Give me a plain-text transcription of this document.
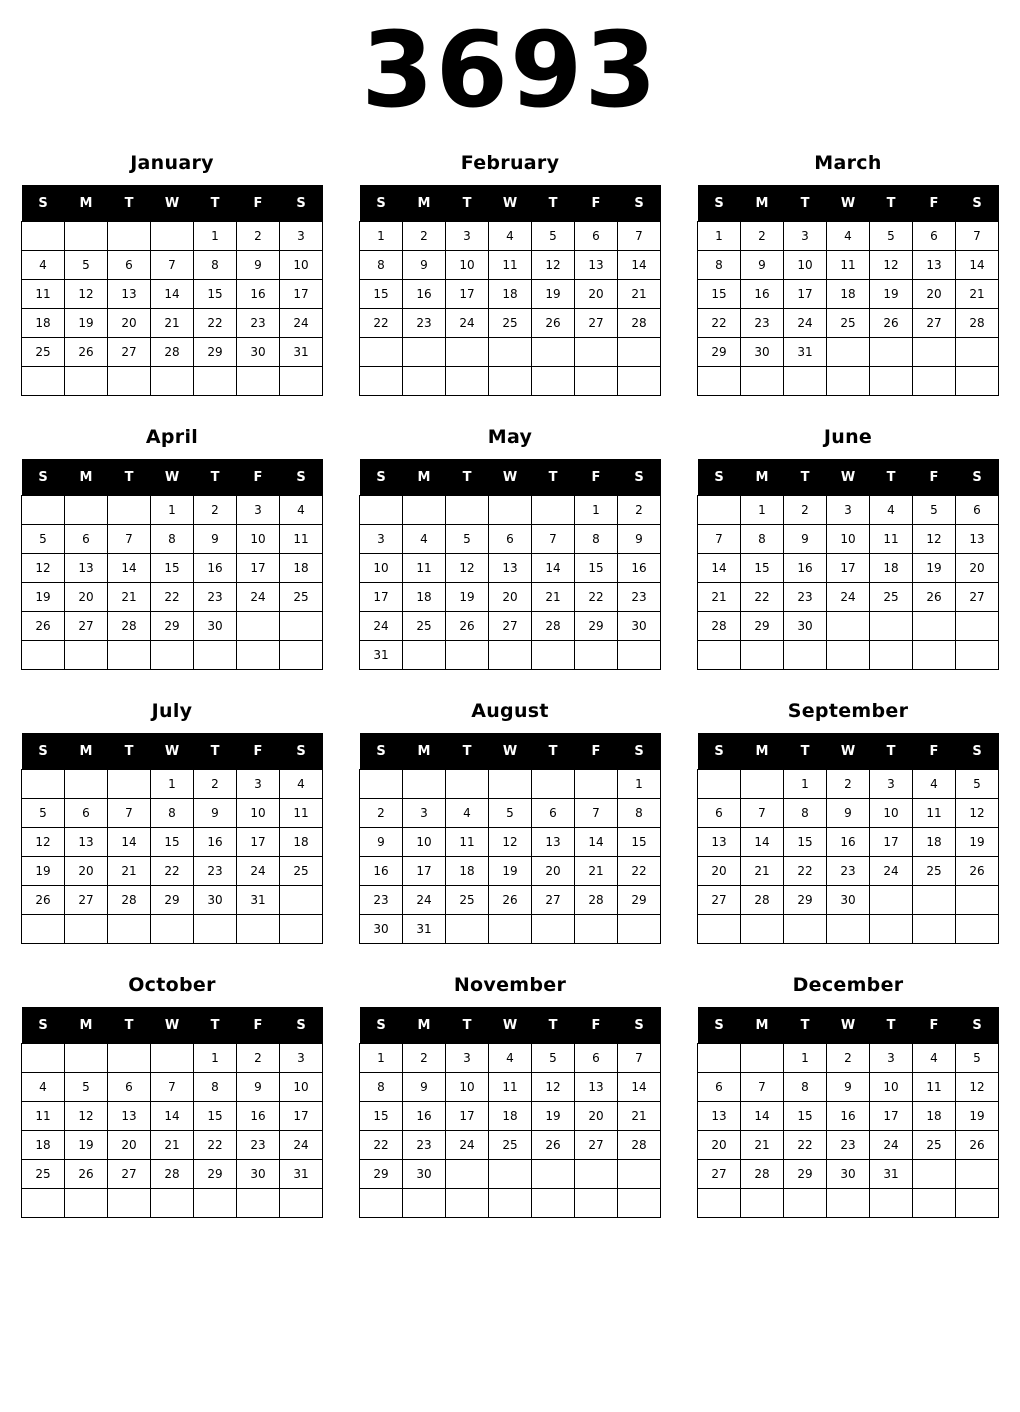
3693
January
S	M	T	W	T	F	S
				1	2	3
4	5	6	7	8	9	10
11	12	13	14	15	16	17
18	19	20	21	22	23	24
25	26	27	28	29	30	31

February
S	M	T	W	T	F	S
1	2	3	4	5	6	7
8	9	10	11	12	13	14
15	16	17	18	19	20	21
22	23	24	25	26	27	28

March
S	M	T	W	T	F	S
1	2	3	4	5	6	7
8	9	10	11	12	13	14
15	16	17	18	19	20	21
22	23	24	25	26	27	28
29	30	31				

April
S	M	T	W	T	F	S
			1	2	3	4
5	6	7	8	9	10	11
12	13	14	15	16	17	18
19	20	21	22	23	24	25
26	27	28	29	30		

May
S	M	T	W	T	F	S
					1	2
3	4	5	6	7	8	9
10	11	12	13	14	15	16
17	18	19	20	21	22	23
24	25	26	27	28	29	30
31						
June
S	M	T	W	T	F	S
	1	2	3	4	5	6
7	8	9	10	11	12	13
14	15	16	17	18	19	20
21	22	23	24	25	26	27
28	29	30				

July
S	M	T	W	T	F	S
			1	2	3	4
5	6	7	8	9	10	11
12	13	14	15	16	17	18
19	20	21	22	23	24	25
26	27	28	29	30	31	

August
S	M	T	W	T	F	S
						1
2	3	4	5	6	7	8
9	10	11	12	13	14	15
16	17	18	19	20	21	22
23	24	25	26	27	28	29
30	31					
September
S	M	T	W	T	F	S
		1	2	3	4	5
6	7	8	9	10	11	12
13	14	15	16	17	18	19
20	21	22	23	24	25	26
27	28	29	30			

October
S	M	T	W	T	F	S
				1	2	3
4	5	6	7	8	9	10
11	12	13	14	15	16	17
18	19	20	21	22	23	24
25	26	27	28	29	30	31

November
S	M	T	W	T	F	S
1	2	3	4	5	6	7
8	9	10	11	12	13	14
15	16	17	18	19	20	21
22	23	24	25	26	27	28
29	30					

December
S	M	T	W	T	F	S
		1	2	3	4	5
6	7	8	9	10	11	12
13	14	15	16	17	18	19
20	21	22	23	24	25	26
27	28	29	30	31		
